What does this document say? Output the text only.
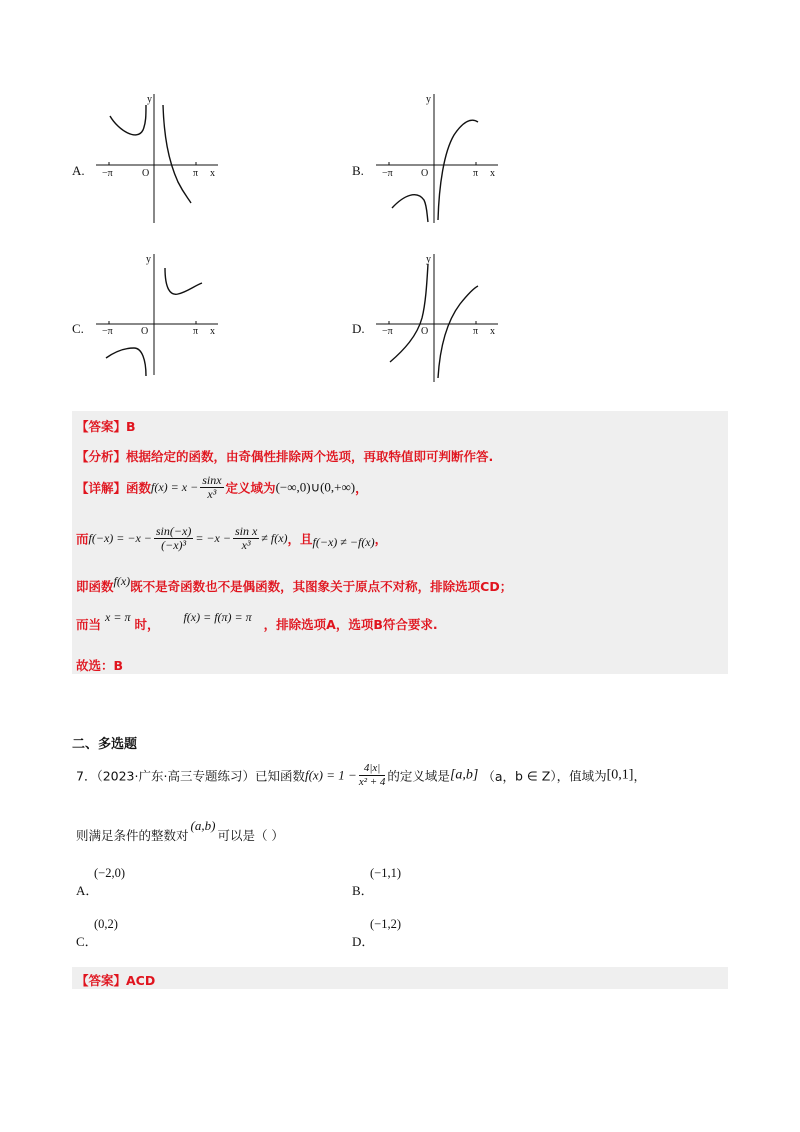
A.
y
x
−π	O	π	B.
y
x
−π	O	π
C.
y
x
−π	O	π	D.
y
x
−π	O	π
【答案】B
【分析】根据给定的函数，由奇偶性排除两个选项，再取特值即可判断作答.
【详解】函数$f(x) = x - \frac{\sin x}{\text{x³}}$ 定义域为(−∞,0)∪(0,+∞)，
而$f(-x) = -x - \frac{\sin(-x)}{\text{(−x)³}} = -x - \frac{\text{sin x}}{\text{x³}} \ne f(x)$，且$_{f(-x) \ne -f(x)}$，
即函数$^{f(x)}$既不是奇函数也不是偶函数，其图象关于原点不对称，排除选项CD；
而当 $^{x = \pi}$ 时， $^{f(x) = f(\pi) = \pi}$ ，排除选项A，选项B符合要求.
故选：B
二、多选题
7．（2023·广东·高三专题练习）已知函数$f(x) = 1 - \frac{4|x|}{\text{x² + 4}}$ 的定义域是[a,b] （a，b ∈ Z），值域为[0,1]，
则满足条件的整数对(a,b)可以是（ ）
A．
(−2,0)
B．
(−1,1)
C．
(0,2)
D．
(−1,2)
【答案】ACD
